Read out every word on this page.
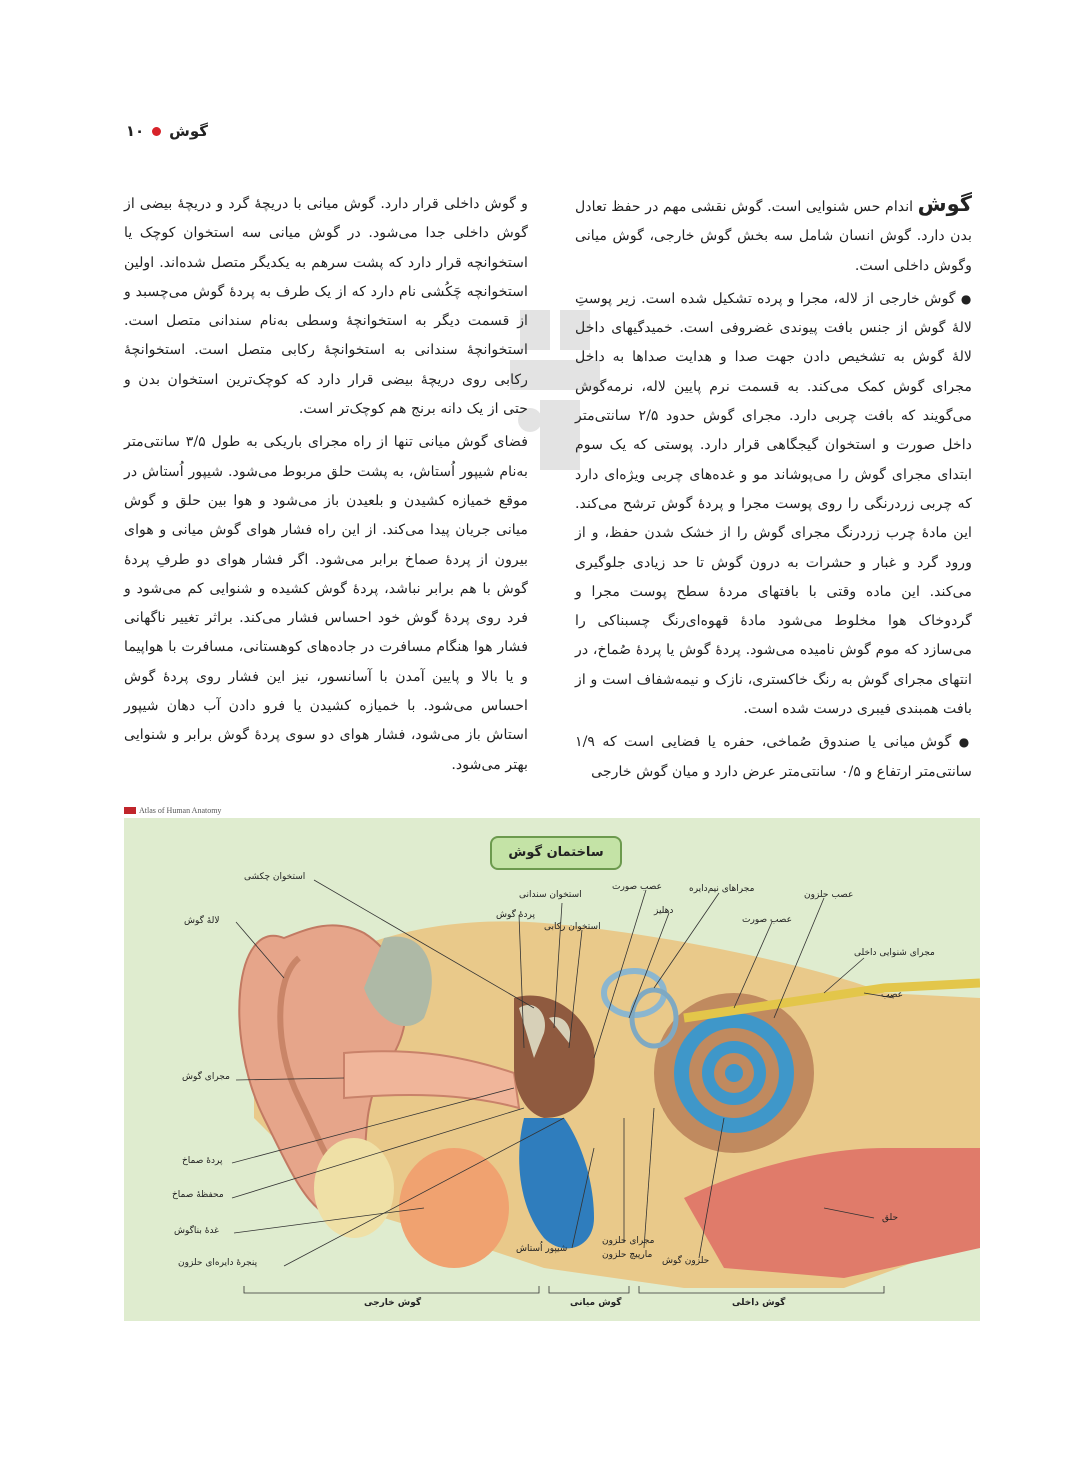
گوش
۱۰

گوش اندام حس شنوایی است. گوش نقشی مهم در حفظ تعادل بدن دارد. گوش انسان شامل سه بخش گوش خارجی، گوش میانی وگوش داخلی است.

● گوش خارجی از لاله، مجرا و پرده تشکیل شده است. زیر پوستِ لالهٔ گوش از جنس بافت پیوندی غضروفی است. خمیدگیهای داخل لالهٔ گوش به تشخیص دادن جهت صدا و هدایت صداها به داخل مجرای گوش کمک می‌کند. به قسمت نرم پایین لاله، نرمه‌گوش می‌گویند که بافت چربی دارد. مجرای گوش حدود ۲/۵ سانتی‌متر داخل صورت و استخوان گیجگاهی قرار دارد. پوستی که یک سوم ابتدای مجرای گوش را می‌پوشاند مو و غده‌های چربی ویژه‌ای دارد که چربی زردرنگی را روی پوست مجرا و پردهٔ گوش ترشح می‌کند. این مادهٔ چرب زردرنگ مجرای گوش را از خشک شدن حفظ، و از ورود گرد و غبار و حشرات به درون گوش تا حد زیادی جلوگیری می‌کند. این ماده وقتی با بافتهای مردهٔ سطح پوست مجرا و گردوخاک هوا مخلوط می‌شود مادهٔ قهوه‌ای‌رنگ چسبناکی را می‌سازد که موم گوش نامیده می‌شود. پردهٔ گوش یا پردهٔ صُماخ، در انتهای مجرای گوش به رنگ خاکستری، نازک و نیمه‌شفاف است و از بافت همبندی فیبری درست شده است.

● گوش میانی یا صندوق صُماخی، حفره یا فضایی است که ۱/۹ سانتی‌متر ارتفاع و ۰/۵ سانتی‌متر عرض دارد و میان گوش خارجی

و گوش داخلی قرار دارد. گوش میانی با دریچهٔ گرد و دریچهٔ بیضی از گوش داخلی جدا می‌شود. در گوش میانی سه استخوان کوچک یا استخوانچه قرار دارد که پشت سرهم به یکدیگر متصل شده‌اند. اولین استخوانچه چَکُشی نام دارد که از یک طرف به پردهٔ گوش می‌چسبد و از قسمت دیگر به استخوانچهٔ وسطی به‌نام سندانی متصل است. استخوانچهٔ سندانی به استخوانچهٔ رکابی متصل است. استخوانچهٔ رکابی روی دریچهٔ بیضی قرار دارد که کوچک‌ترین استخوان بدن و حتی از یک دانه برنج هم کوچک‌تر است.

فضای گوش میانی تنها از راه مجرای باریکی به طول ۳/۵ سانتی‌متر به‌نام شیپور اُستاش، به پشت حلق مربوط می‌شود. شیپور اُستاش در موقع خمیازه کشیدن و بلعیدن باز می‌شود و هوا بین حلق و گوش میانی جریان پیدا می‌کند. از این راه فشار هوای گوش میانی و هوای بیرون از پردهٔ صماخ برابر می‌شود. اگر فشار هوای دو طرفِ پردهٔ گوش با هم برابر نباشد، پردهٔ گوش کشیده و شنوایی کم می‌شود و فرد روی پردهٔ گوش خود احساس فشار می‌کند. براثر تغییر ناگهانی فشار هوا هنگام مسافرت در جاده‌های کوهستانی، مسافرت با هواپیما و یا بالا و پایین آمدن با آسانسور، نیز این فشار روی پردهٔ گوش احساس می‌شود. با خمیازه کشیدن یا فرو دادن آب دهان شیپور استاش باز می‌شود، فشار هوای دو سوی پردهٔ گوش برابر و شنوایی بهتر می‌شود.

Atlas of Human Anatomy
ساختمان گوش
استخوان چکشی
لالهٔ گوش
استخوان سندانی
پردهٔ گوش
استخوان رکابی
عصب صورت
دهلیز
مجراهای نیم‌دایره
عصب صورت
عصب حلزون
مجرای شنوایی داخلی
عصب
مجرای گوش
پردهٔ صماخ
محفظهٔ صماخ
غدهٔ بناگوش
پنجرهٔ دایره‌ای حلزون
شیپور اُستاش
مجرای حلزون
مارپیچ حلزون
حلزون گوش
حلق
گوش خارجی	گوش میانی	گوش داخلی
